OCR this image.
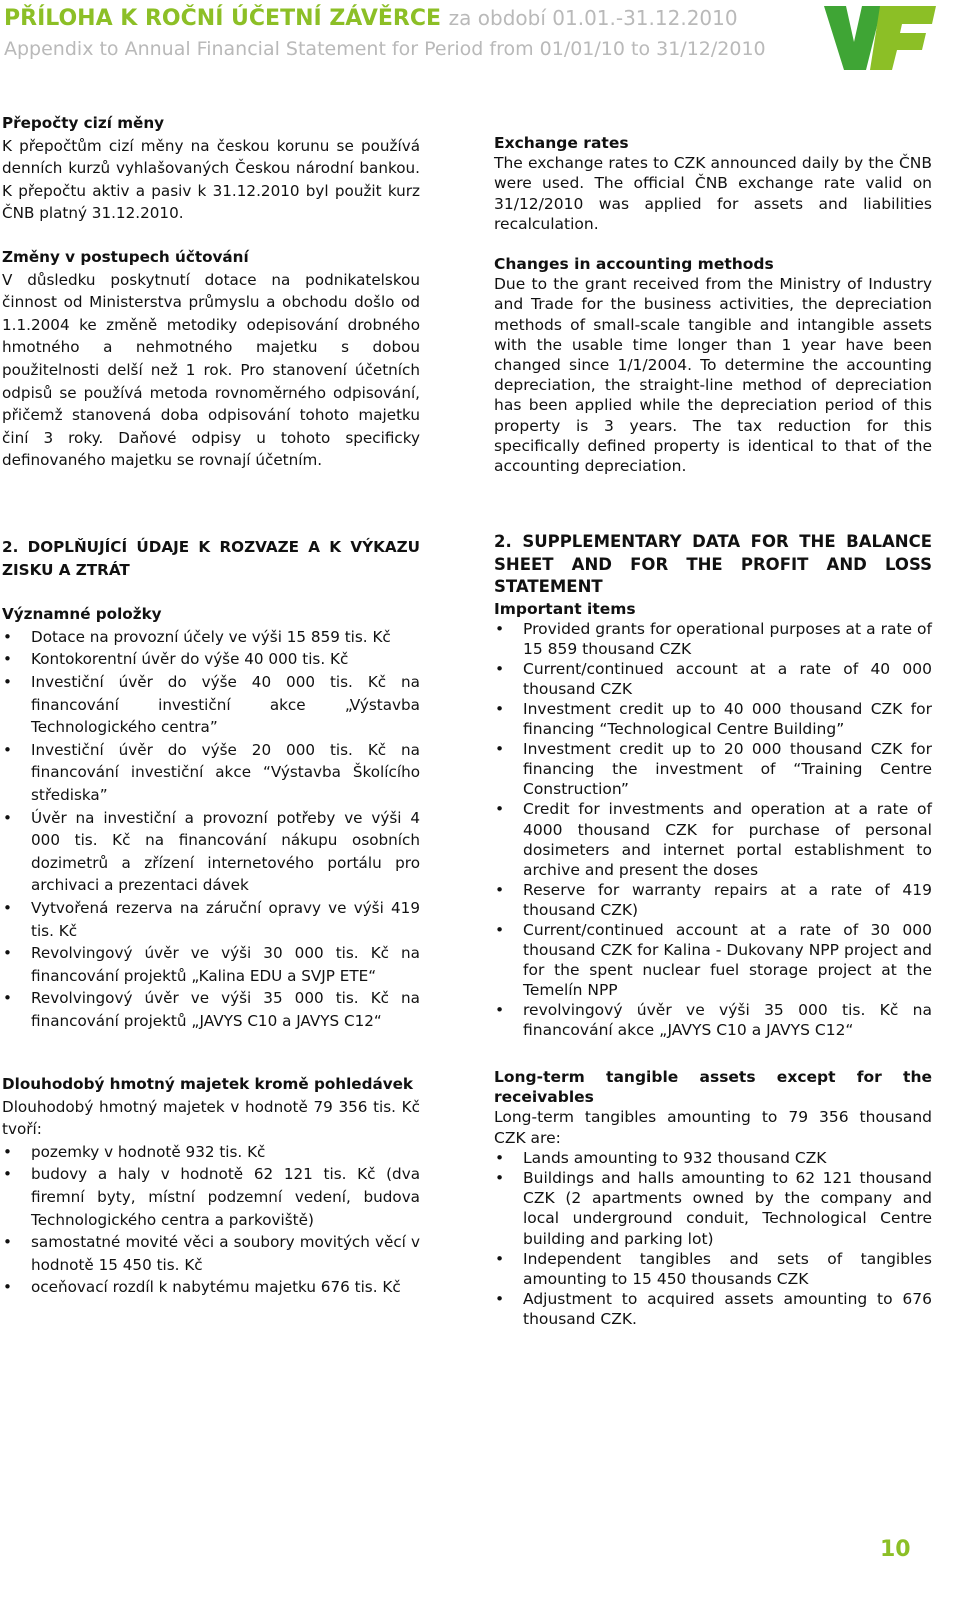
PŘÍLOHA K ROČNÍ ÚČETNÍ ZÁVĚRCE za období 01.01.-31.12.2010
Appendix to Annual Financial Statement for Period from 01/01/10 to 31/12/2010
Přepočty cizí měny
K přepočtům cizí měny na českou korunu se používá denních kurzů vyhlašovaných Českou národní bankou. K přepočtu aktiv a pasiv k 31.12.2010 byl použit kurz ČNB platný 31.12.2010.
Změny v postupech účtování
V důsledku poskytnutí dotace na podnikatelskou činnost od Ministerstva průmyslu a obchodu došlo od 1.1.2004 ke změně metodiky odepisování drobného hmotného a nehmotného majetku s dobou použitelnosti delší než 1 rok. Pro stanovení účetních odpisů se používá metoda rovnoměrného odpisování, přičemž stanovená doba odpisování tohoto majetku činí 3 roky. Daňové odpisy u tohoto specificky definovaného majetku se rovnají účetním.
2. DOPLŇUJÍCÍ ÚDAJE K ROZVAZE A K VÝKAZU ZISKU A ZTRÁT
Významné položky
• Dotace na provozní účely ve výši 15 859 tis. Kč
• Kontokorentní úvěr do výše 40 000 tis. Kč
• Investiční úvěr do výše 40 000 tis. Kč na financování investiční akce „Výstavba Technologického centra”
• Investiční úvěr do výše 20 000 tis. Kč na financování investiční akce “Výstavba Školícího střediska”
• Úvěr na investiční a provozní potřeby ve výši 4 000 tis. Kč na financování nákupu osobních dozimetrů a zřízení internetového portálu pro archivaci a prezentaci dávek
• Vytvořená rezerva na záruční opravy ve výši 419 tis. Kč
• Revolvingový úvěr ve výši 30 000 tis. Kč na financování projektů „Kalina EDU a SVJP ETE“
• Revolvingový úvěr ve výši 35 000 tis. Kč na financování projektů „JAVYS C10 a JAVYS C12“
Dlouhodobý hmotný majetek kromě pohledávek
Dlouhodobý hmotný majetek v hodnotě 79 356 tis. Kč tvoří:
• pozemky v hodnotě 932 tis. Kč
• budovy a haly v hodnotě 62 121 tis. Kč (dva firemní byty, místní podzemní vedení, budova Technologického centra a parkoviště)
• samostatné movité věci a soubory movitých věcí v hodnotě 15 450 tis. Kč
• oceňovací rozdíl k nabytému majetku 676 tis. Kč
Exchange rates
The exchange rates to CZK announced daily by the ČNB were used. The official ČNB exchange rate valid on 31/12/2010 was applied for assets and liabilities recalculation.
Changes in accounting methods
Due to the grant received from the Ministry of Industry and Trade for the business activities, the depreciation methods of small-scale tangible and intangible assets with the usable time longer than 1 year have been changed since 1/1/2004. To determine the accounting depreciation, the straight-line method of depreciation has been applied while the depreciation period of this property is 3 years. The tax reduction for this specifically defined property is identical to that of the accounting depreciation.
2. SUPPLEMENTARY DATA FOR THE BALANCE SHEET AND FOR THE PROFIT AND LOSS STATEMENT
Important items
• Provided grants for operational purposes at a rate of 15 859 thousand CZK
• Current/continued account at a rate of 40 000 thousand CZK
• Investment credit up to 40 000 thousand CZK for financing “Technological Centre Building”
• Investment credit up to 20 000 thousand CZK for financing the investment of “Training Centre Construction”
• Credit for investments and operation at a rate of 4000 thousand CZK for purchase of personal dosimeters and internet portal establishment to archive and present the doses
• Reserve for warranty repairs at a rate of 419 thousand CZK)
• Current/continued account at a rate of 30 000 thousand CZK for Kalina - Dukovany NPP project and for the spent nuclear fuel storage project at the Temelín NPP
• revolvingový úvěr ve výši 35 000 tis. Kč na financování akce „JAVYS C10 a JAVYS C12“
Long-term tangible assets except for the receivables
Long-term tangibles amounting to 79 356 thousand CZK are:
• Lands amounting to 932 thousand CZK
• Buildings and halls amounting to 62 121 thousand CZK (2 apartments owned by the company and local underground conduit, Technological Centre building and parking lot)
• Independent tangibles and sets of tangibles amounting to 15 450 thousands CZK
• Adjustment to acquired assets amounting to 676 thousand CZK.
10
